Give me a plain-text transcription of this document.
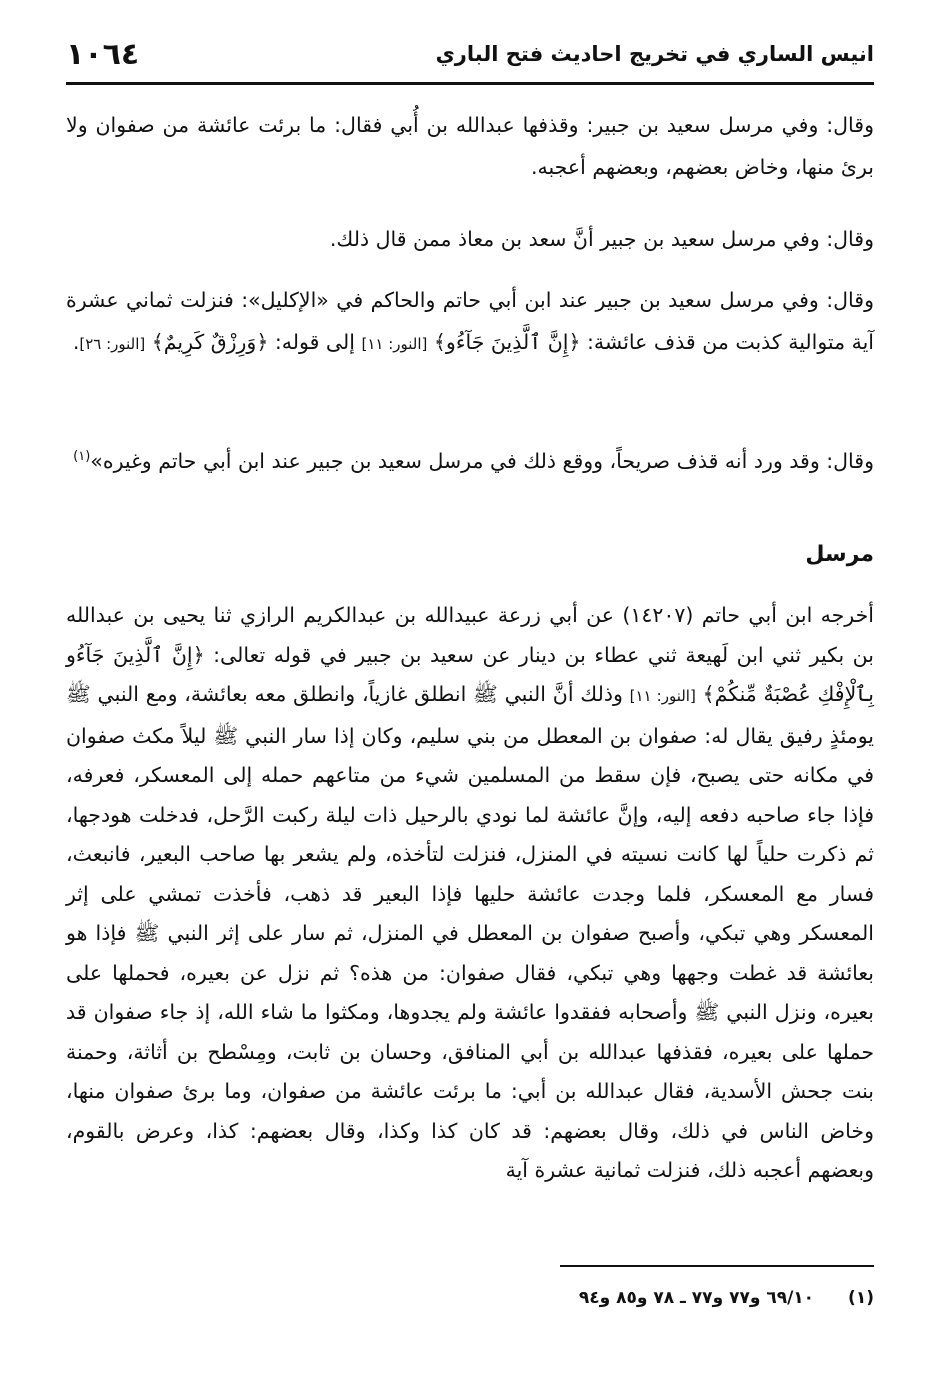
انيس الساري في تخريج احاديث فتح الباري
١٠٦٤
وقال: وفي مرسل سعيد بن جبير: وقذفها عبدالله بن أُبي فقال: ما برئت عائشة من صفوان ولا برئ منها، وخاض بعضهم، وبعضهم أعجبه.
وقال: وفي مرسل سعيد بن جبير أنَّ سعد بن معاذ ممن قال ذلك.
وقال: وفي مرسل سعيد بن جبير عند ابن أبي حاتم والحاكم في «الإكليل»: فنزلت ثماني عشرة آية متوالية كذبت من قذف عائشة: ﴿إِنَّ ٱلَّذِينَ جَآءُو﴾ [النور: ١١] إلى قوله: ﴿وَرِزْقٌ كَرِيمٌ﴾ [النور: ٢٦].
وقال: وقد ورد أنه قذف صريحاً، ووقع ذلك في مرسل سعيد بن جبير عند ابن أبي حاتم وغيره»$^{(١)}$
مرسل
أخرجه ابن أبي حاتم (١٤٢٠٧) عن أبي زرعة عبيدالله بن عبدالكريم الرازي ثنا يحيى بن عبدالله بن بكير ثني ابن لَهيعة ثني عطاء بن دينار عن سعيد بن جبير في قوله تعالى: ﴿إِنَّ ٱلَّذِينَ جَآءُو بِٱلْإِفْكِ عُصْبَةٌ مِّنكُمْ﴾ [النور: ١١] وذلك أنَّ النبي ﷺ انطلق غازياً، وانطلق معه بعائشة، ومع النبي ﷺ يومئذٍ رفيق يقال له: صفوان بن المعطل من بني سليم، وكان إذا سار النبي ﷺ ليلاً مكث صفوان في مكانه حتى يصبح، فإن سقط من المسلمين شيء من متاعهم حمله إلى المعسكر، فعرفه، فإذا جاء صاحبه دفعه إليه، وإنَّ عائشة لما نودي بالرحيل ذات ليلة ركبت الرَّحل، فدخلت هودجها، ثم ذكرت حلياً لها كانت نسيته في المنزل، فنزلت لتأخذه، ولم يشعر بها صاحب البعير، فانبعث، فسار مع المعسكر، فلما وجدت عائشة حليها فإذا البعير قد ذهب، فأخذت تمشي على إثر المعسكر وهي تبكي، وأصبح صفوان بن المعطل في المنزل، ثم سار على إثر النبي ﷺ فإذا هو بعائشة قد غطت وجهها وهي تبكي، فقال صفوان: من هذه؟ ثم نزل عن بعيره، فحملها على بعيره، ونزل النبي ﷺ وأصحابه ففقدوا عائشة ولم يجدوها، ومكثوا ما شاء الله، إذ جاء صفوان قد حملها على بعيره، فقذفها عبدالله بن أبي المنافق، وحسان بن ثابت، ومِسْطح بن أثاثة، وحمنة بنت جحش الأسدية، فقال عبدالله بن أبي: ما برئت عائشة من صفوان، وما برئ صفوان منها، وخاض الناس في ذلك، وقال بعضهم: قد كان كذا وكذا، وقال بعضهم: كذا، وعرض بالقوم، وبعضهم أعجبه ذلك، فنزلت ثمانية عشرة آية
(١)٦٩/١٠ و٧٧ و٧٧ ـ ٧٨ و٨٥ و٩٤
